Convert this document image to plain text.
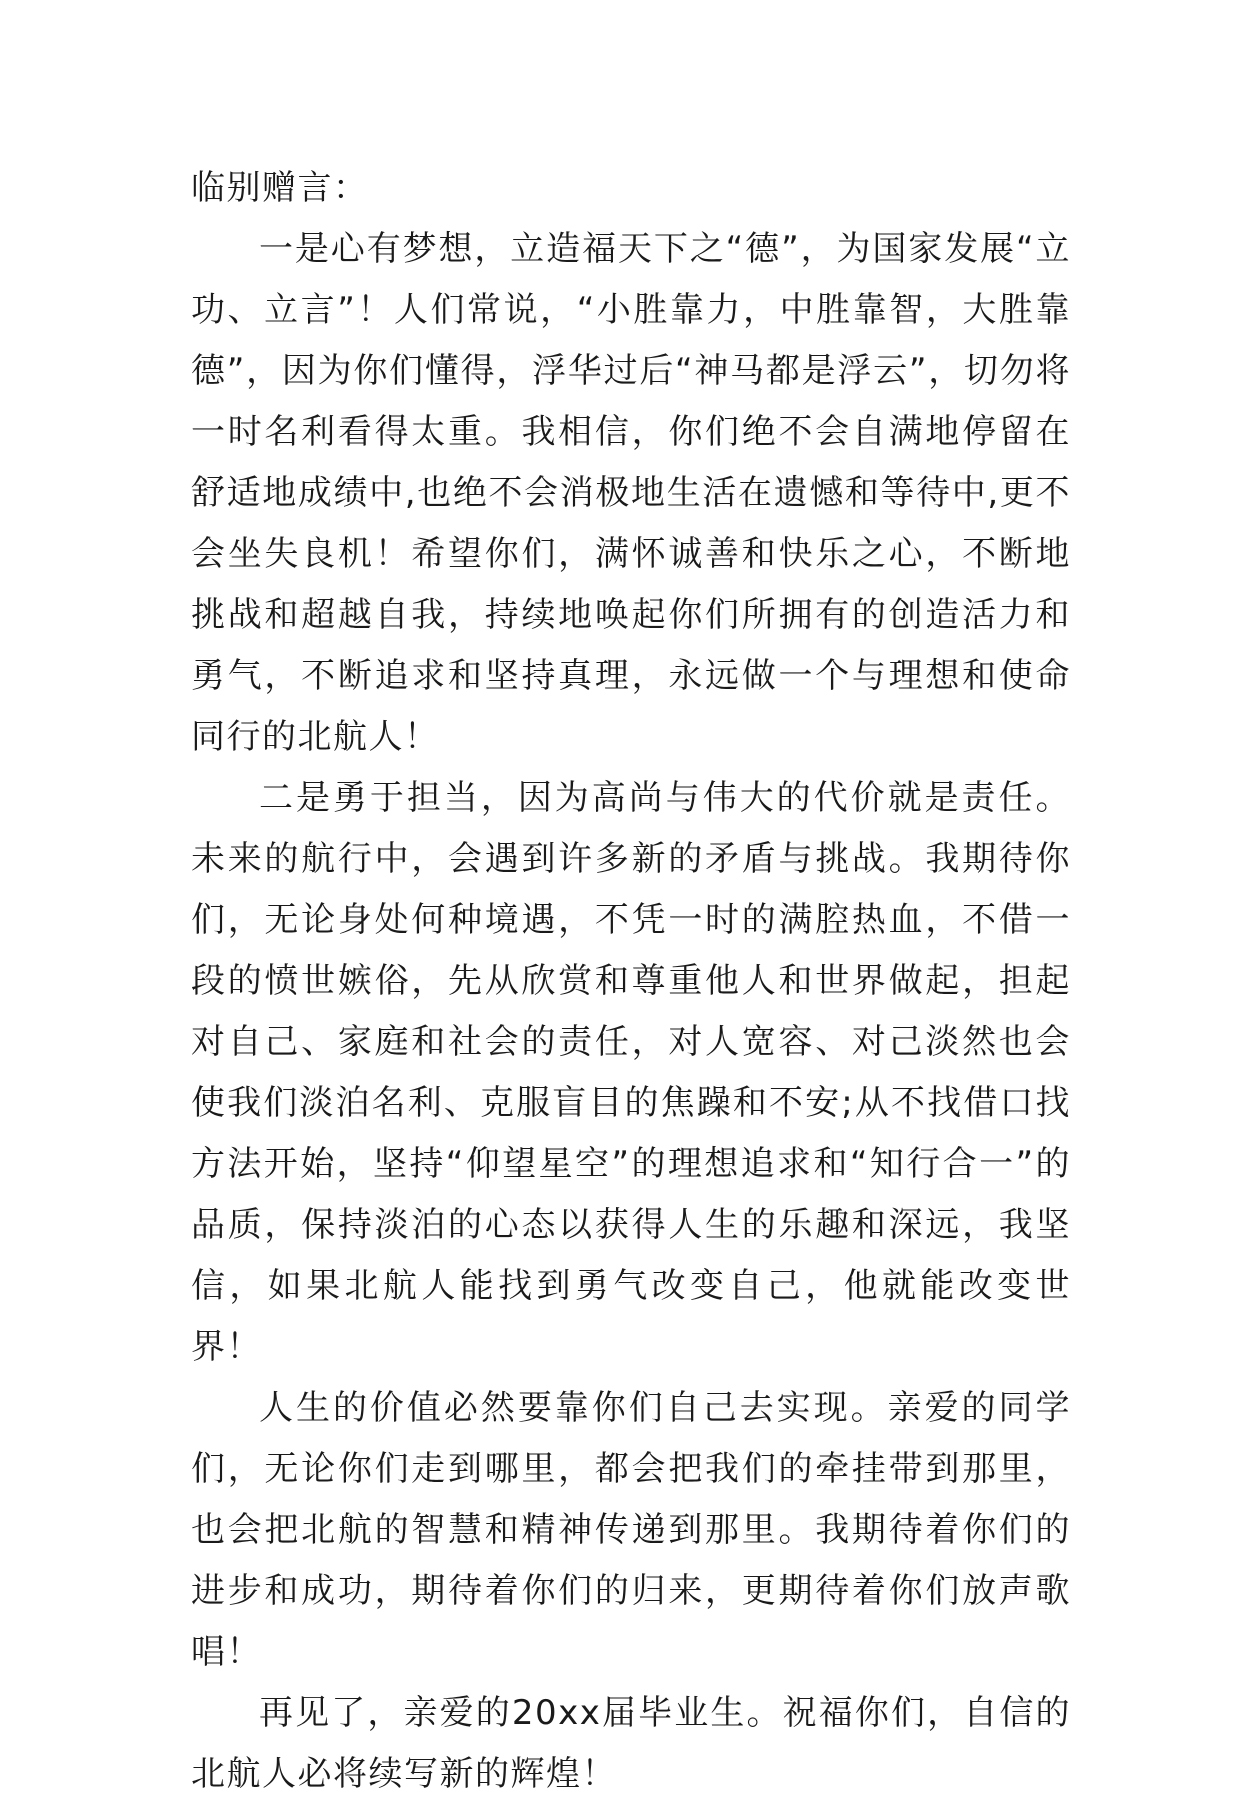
临别赠言：

一是心有梦想，立造福天下之“德”，为国家发展“立功、立言”！人们常说，“小胜靠力，中胜靠智，大胜靠德”，因为你们懂得，浮华过后“神马都是浮云”，切勿将一时名利看得太重。我相信，你们绝不会自满地停留在舒适地成绩中,也绝不会消极地生活在遗憾和等待中,更不会坐失良机！希望你们，满怀诚善和快乐之心，不断地挑战和超越自我，持续地唤起你们所拥有的创造活力和勇气，不断追求和坚持真理，永远做一个与理想和使命同行的北航人！

二是勇于担当，因为高尚与伟大的代价就是责任。未来的航行中，会遇到许多新的矛盾与挑战。我期待你们，无论身处何种境遇，不凭一时的满腔热血，不借一段的愤世嫉俗，先从欣赏和尊重他人和世界做起，担起对自己、家庭和社会的责任，对人宽容、对己淡然也会使我们淡泊名利、克服盲目的焦躁和不安;从不找借口找方法开始，坚持“仰望星空”的理想追求和“知行合一”的品质，保持淡泊的心态以获得人生的乐趣和深远，我坚信，如果北航人能找到勇气改变自己，他就能改变世界！

人生的价值必然要靠你们自己去实现。亲爱的同学们，无论你们走到哪里，都会把我们的牵挂带到那里，也会把北航的智慧和精神传递到那里。我期待着你们的进步和成功，期待着你们的归来，更期待着你们放声歌唱！

再见了，亲爱的20xx届毕业生。祝福你们，自信的北航人必将续写新的辉煌！
